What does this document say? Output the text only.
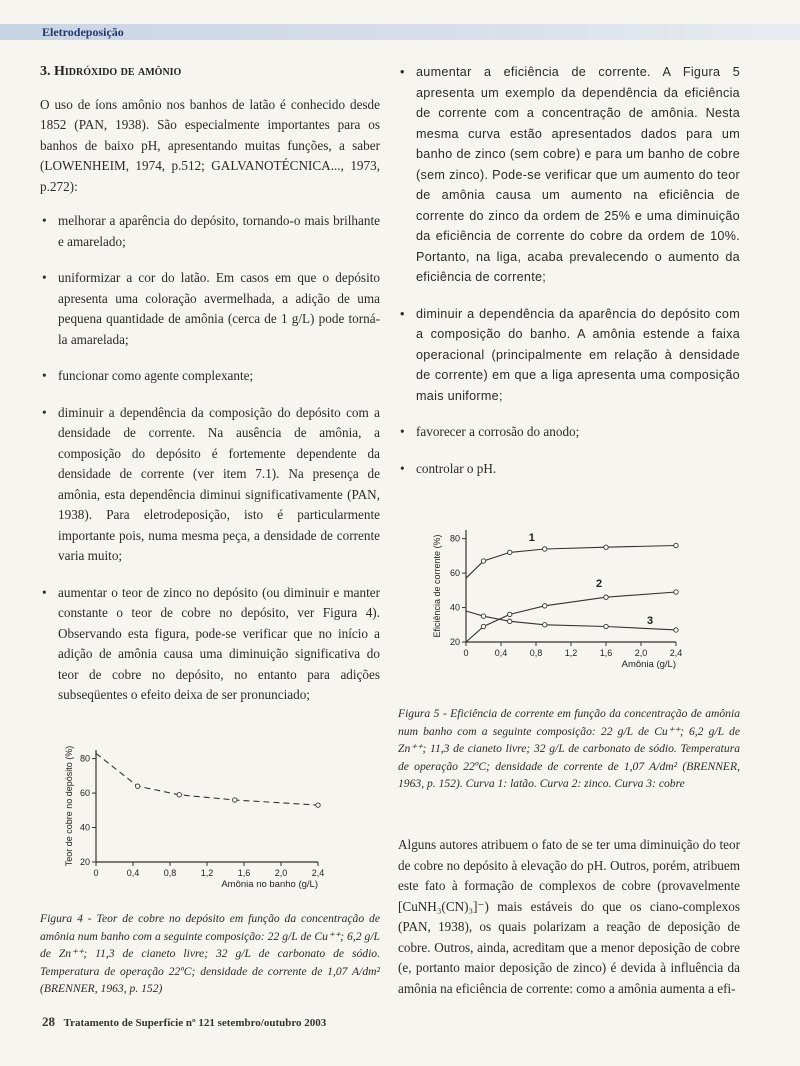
Eletrodeposição
3. Hidróxido de amônio

O uso de íons amônio nos banhos de latão é conhecido desde 1852 (PAN, 1938). São especialmente importantes para os banhos de baixo pH, apresentando muitas funções, a saber (LOWENHEIM, 1974, p.512; GALVANOTÉCNICA..., 1973, p.272):

• melhorar a aparência do depósito, tornando-o mais brilhante e amarelado;
• uniformizar a cor do latão. Em casos em que o depósito apresenta uma coloração avermelhada, a adição de uma pequena quantidade de amônia (cerca de 1 g/L) pode torná-la amarelada;
• funcionar como agente complexante;
• diminuir a dependência da composição do depósito com a densidade de corrente. Na ausência de amônia, a composição do depósito é fortemente dependente da densidade de corrente (ver item 7.1). Na presença de amônia, esta dependência diminui significativamente (PAN, 1938). Para eletrodeposição, isto é particularmente importante pois, numa mesma peça, a densidade de corrente varia muito;
• aumentar o teor de zinco no depósito (ou diminuir e manter constante o teor de cobre no depósito, ver Figura 4). Observando esta figura, pode-se verificar que no início a adição de amônia causa uma diminuição significativa do teor de cobre no depósito, no entanto para adições subseqüentes o efeito deixa de ser pronunciado;
0	0,4	0,8	1,2	1,6	2,0	2,4
20
40
60
80
Amônia no banho (g/L)
Teor de cobre no depósito (%)
Figura 4 - Teor de cobre no depósito em função da concentração de amônia num banho com a seguinte composição: 22 g/L de Cu⁺⁺; 6,2 g/L de Zn⁺⁺; 11,3 de cianeto livre; 32 g/L de carbonato de sódio. Temperatura de operação 22ºC; densidade de corrente de 1,07 A/dm² (BRENNER, 1963, p. 152)
• aumentar a eficiência de corrente. A Figura 5 apresenta um exemplo da dependência da eficiência de corrente com a concentração de amônia. Nesta mesma curva estão apresentados dados para um banho de zinco (sem cobre) e para um banho de cobre (sem zinco). Pode-se verificar que um aumento do teor de amônia causa um aumento na eficiência de corrente do zinco da ordem de 25% e uma diminuição da eficiência de corrente do cobre da ordem de 10%. Portanto, na liga, acaba prevalecendo o aumento da eficiência de corrente;
• diminuir a dependência da aparência do depósito com a composição do banho. A amônia estende a faixa operacional (principalmente em relação à densidade de corrente) em que a liga apresenta uma composição mais uniforme;
• favorecer a corrosão do anodo;
• controlar o pH.
0	0,4 0,8 1,2 1,6 2,0 2,4
20
40
60
80
Amônia (g/L)
Eficiência de corrente (%)	1
2
3
Figura 5 - Eficiência de corrente em função da concentração de amônia num banho com a seguinte composição: 22 g/L de Cu⁺⁺; 6,2 g/L de Zn⁺⁺; 11,3 de cianeto livre; 32 g/L de carbonato de sódio. Temperatura de operação 22ºC; densidade de corrente de 1,07 A/dm² (BRENNER, 1963, p. 152). Curva 1: latão. Curva 2: zinco. Curva 3: cobre

Alguns autores atribuem o fato de se ter uma diminuição do teor de cobre no depósito à elevação do pH. Outros, porém, atribuem este fato à formação de complexos de cobre (provavelmente [CuNH₃(CN)₃]⁻) mais estáveis do que os ciano-complexos (PAN, 1938), os quais polarizam a reação de deposição de cobre. Outros, ainda, acreditam que a menor deposição de cobre (e, portanto maior deposição de zinco) é devida à influência da amônia na eficiência de corrente: como a amônia aumenta a efi-

28 Tratamento de Superfície nº 121 setembro/outubro 2003
